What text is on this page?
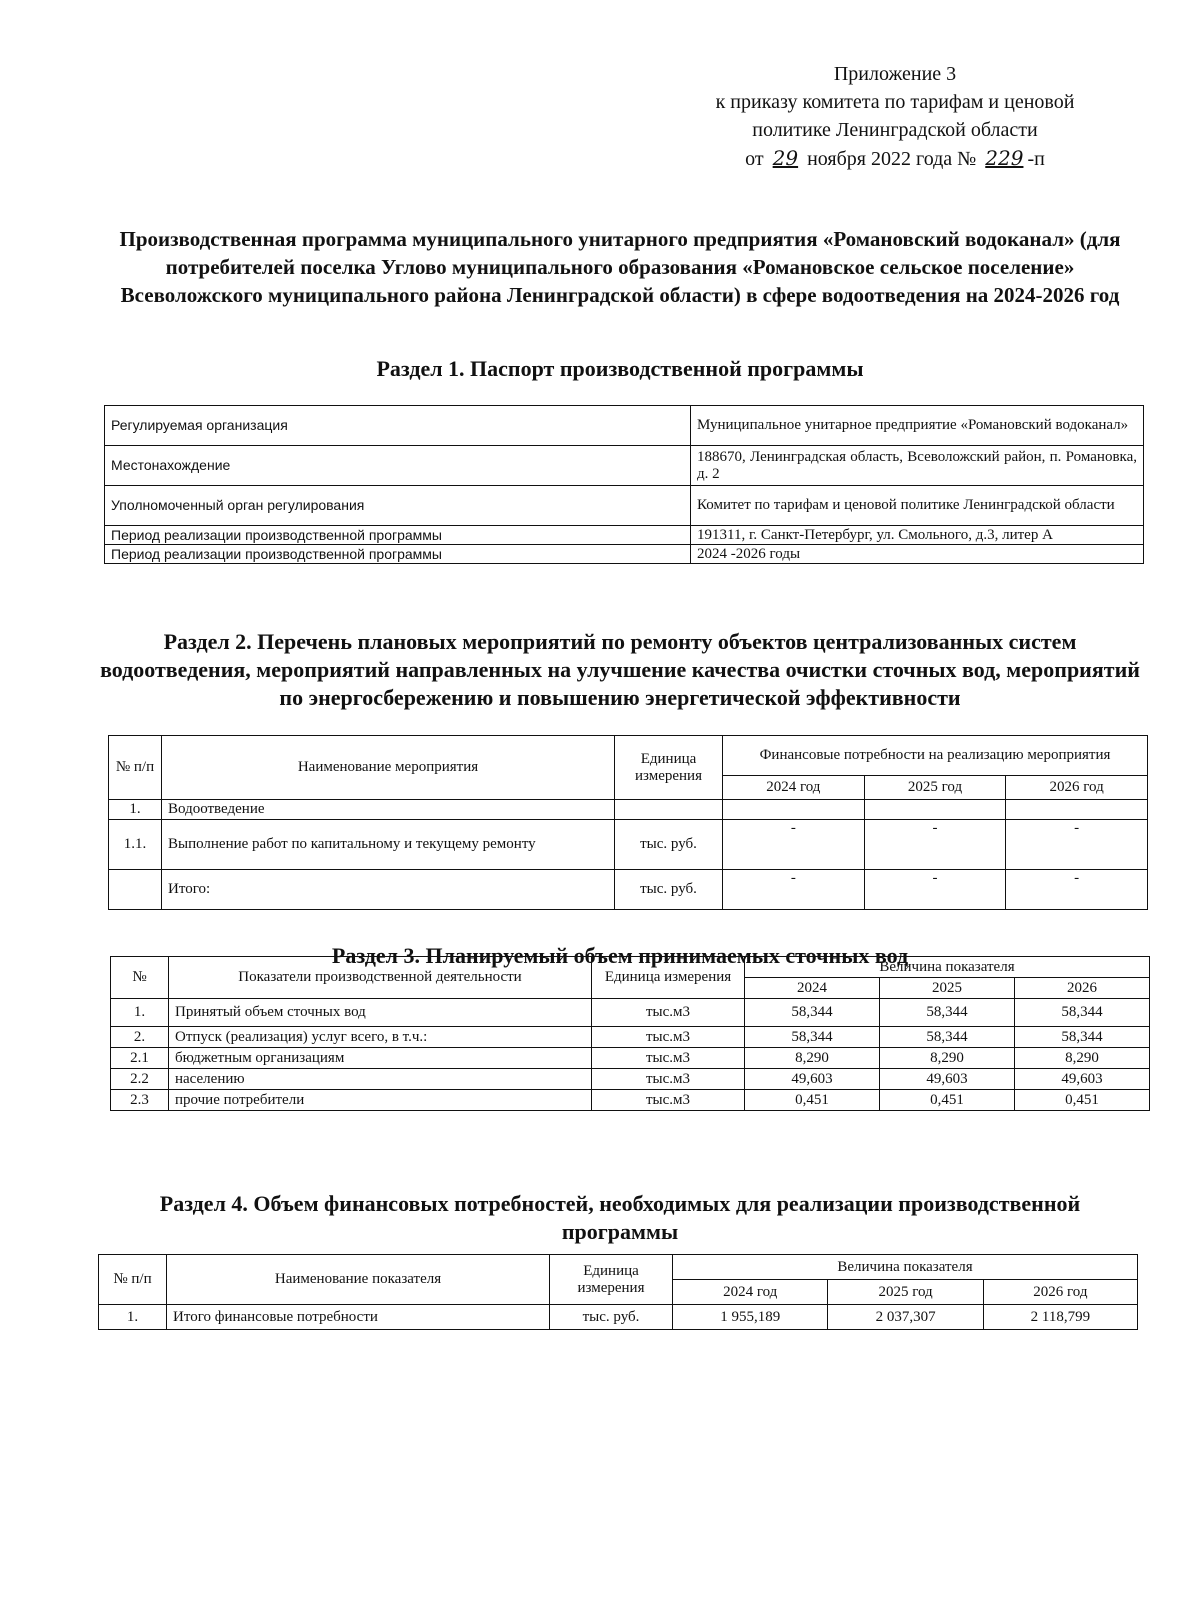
Приложение 3
к приказу комитета по тарифам и ценовой
политике Ленинградской области
от 29 ноября 2022 года № 229 -п
Производственная программа муниципального унитарного предприятия «Романовский водоканал» (для потребителей поселка Углово муниципального образования «Романовское сельское поселение» Всеволожского муниципального района Ленинградской области) в сфере водоотведения на 2024-2026 год
Раздел 1. Паспорт производственной программы
Регулируемая организация	Муниципальное унитарное предприятие «Романовский водоканал»
Местонахождение	188670, Ленинградская область, Всеволожский район, п. Романовка, д. 2
Уполномоченный орган регулирования	Комитет по тарифам и ценовой политике Ленинградской области
Период реализации производственной программы	191311, г. Санкт-Петербург, ул. Смольного, д.3, литер А
Период реализации производственной программы	2024 -2026 годы
Раздел 2. Перечень плановых мероприятий по ремонту объектов централизованных систем водоотведения, мероприятий направленных на улучшение качества очистки сточных вод, мероприятий по энергосбережению и повышению энергетической эффективности
№ п/п	Наименование мероприятия	Единица измерения	Финансовые потребности на реализацию мероприятия		
			2024 год	2025 год	2026 год
1.	Водоотведение				
1.1.	Выполнение работ по капитальному и текущему ремонту	тыс. руб.	-	-	-
	Итого:	тыс. руб.	-	-	-
Раздел 3. Планируемый объем принимаемых сточных вод
№	Показатели производственной деятельности	Единица измерения	Величина показателя		
			2024	2025	2026
1.	Принятый объем сточных вод	тыс.м3	58,344	58,344	58,344
2.	Отпуск (реализация) услуг всего, в т.ч.:	тыс.м3	58,344	58,344	58,344
2.1	бюджетным организациям	тыс.м3	8,290	8,290	8,290
2.2	населению	тыс.м3	49,603	49,603	49,603
2.3	прочие потребители	тыс.м3	0,451	0,451	0,451
Раздел 4. Объем финансовых потребностей, необходимых для реализации производственной программы
№ п/п	Наименование показателя	Единица измерения	Величина показателя		
			2024 год	2025 год	2026 год
1.	Итого финансовые потребности	тыс. руб.	1 955,189	2 037,307	2 118,799
